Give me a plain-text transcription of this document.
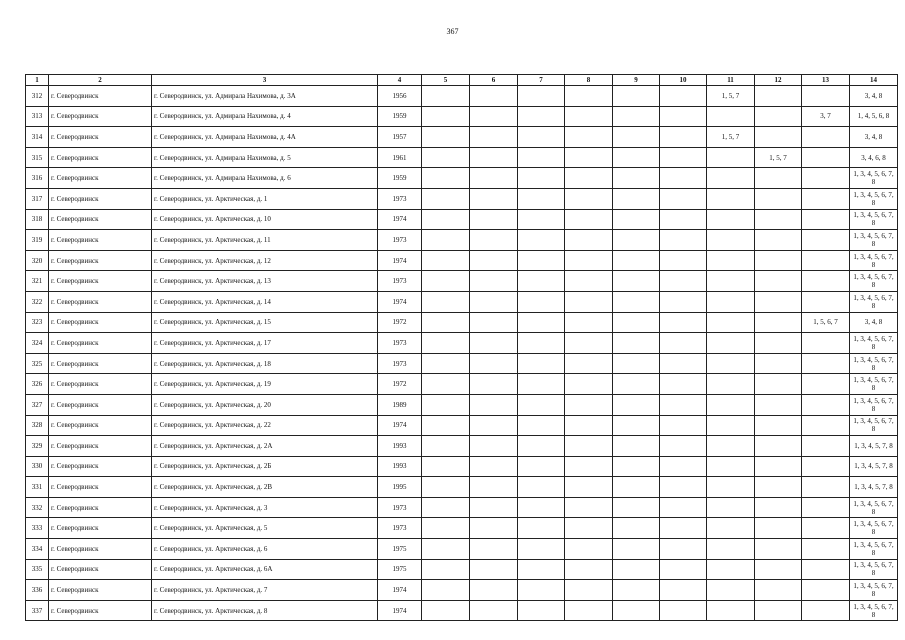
367
1	2	3	4	5	6	7	8	9	10	11	12	13	14
312	г. Северодвинск	г. Северодвинск, ул. Адмирала Нахимова, д. 3А	1956							1, 5, 7			3, 4, 8
313	г. Северодвинск	г. Северодвинск, ул. Адмирала Нахимова, д. 4	1959									3, 7	1, 4, 5, 6, 8
314	г. Северодвинск	г. Северодвинск, ул. Адмирала Нахимова, д. 4А	1957							1, 5, 7			3, 4, 8
315	г. Северодвинск	г. Северодвинск, ул. Адмирала Нахимова, д. 5	1961								1, 5, 7		3, 4, 6, 8
316	г. Северодвинск	г. Северодвинск, ул. Адмирала Нахимова, д. 6	1959										1, 3, 4, 5, 6, 7, 8
317	г. Северодвинск	г. Северодвинск, ул. Арктическая, д. 1	1973										1, 3, 4, 5, 6, 7, 8
318	г. Северодвинск	г. Северодвинск, ул. Арктическая, д. 10	1974										1, 3, 4, 5, 6, 7, 8
319	г. Северодвинск	г. Северодвинск, ул. Арктическая, д. 11	1973										1, 3, 4, 5, 6, 7, 8
320	г. Северодвинск	г. Северодвинск, ул. Арктическая, д. 12	1974										1, 3, 4, 5, 6, 7, 8
321	г. Северодвинск	г. Северодвинск, ул. Арктическая, д. 13	1973										1, 3, 4, 5, 6, 7, 8
322	г. Северодвинск	г. Северодвинск, ул. Арктическая, д. 14	1974										1, 3, 4, 5, 6, 7, 8
323	г. Северодвинск	г. Северодвинск, ул. Арктическая, д. 15	1972									1, 5, 6, 7	3, 4, 8
324	г. Северодвинск	г. Северодвинск, ул. Арктическая, д. 17	1973										1, 3, 4, 5, 6, 7, 8
325	г. Северодвинск	г. Северодвинск, ул. Арктическая, д. 18	1973										1, 3, 4, 5, 6, 7, 8
326	г. Северодвинск	г. Северодвинск, ул. Арктическая, д. 19	1972										1, 3, 4, 5, 6, 7, 8
327	г. Северодвинск	г. Северодвинск, ул. Арктическая, д. 20	1989										1, 3, 4, 5, 6, 7, 8
328	г. Северодвинск	г. Северодвинск, ул. Арктическая, д. 22	1974										1, 3, 4, 5, 6, 7, 8
329	г. Северодвинск	г. Северодвинск, ул. Арктическая, д. 2А	1993										1, 3, 4, 5, 7, 8
330	г. Северодвинск	г. Северодвинск, ул. Арктическая, д. 2Б	1993										1, 3, 4, 5, 7, 8
331	г. Северодвинск	г. Северодвинск, ул. Арктическая, д. 2В	1995										1, 3, 4, 5, 7, 8
332	г. Северодвинск	г. Северодвинск, ул. Арктическая, д. 3	1973										1, 3, 4, 5, 6, 7, 8
333	г. Северодвинск	г. Северодвинск, ул. Арктическая, д. 5	1973										1, 3, 4, 5, 6, 7, 8
334	г. Северодвинск	г. Северодвинск, ул. Арктическая, д. 6	1975										1, 3, 4, 5, 6, 7, 8
335	г. Северодвинск	г. Северодвинск, ул. Арктическая, д. 6А	1975										1, 3, 4, 5, 6, 7, 8
336	г. Северодвинск	г. Северодвинск, ул. Арктическая, д. 7	1974										1, 3, 4, 5, 6, 7, 8
337	г. Северодвинск	г. Северодвинск, ул. Арктическая, д. 8	1974										1, 3, 4, 5, 6, 7, 8
